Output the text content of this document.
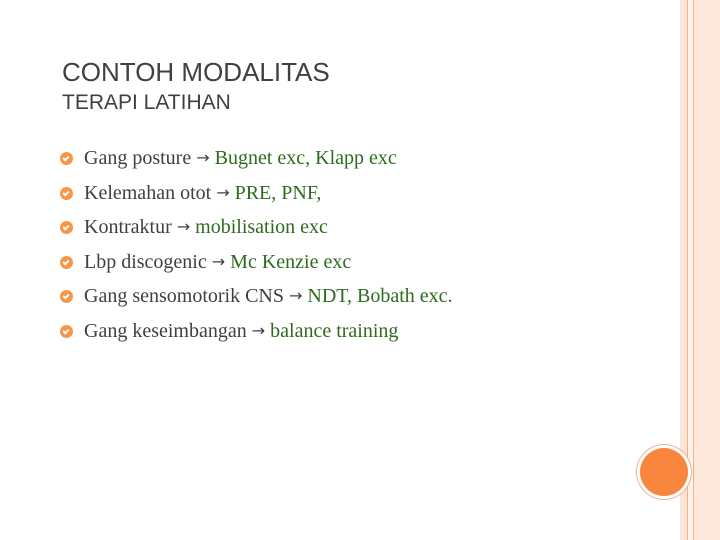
CONTOH MODALITAS
TERAPI LATIHAN
Gang posture → Bugnet exc, Klapp exc
Kelemahan otot → PRE, PNF,
Kontraktur → mobilisation exc
Lbp discogenic → Mc Kenzie exc
Gang sensomotorik CNS → NDT, Bobath exc.
Gang keseimbangan → balance training
